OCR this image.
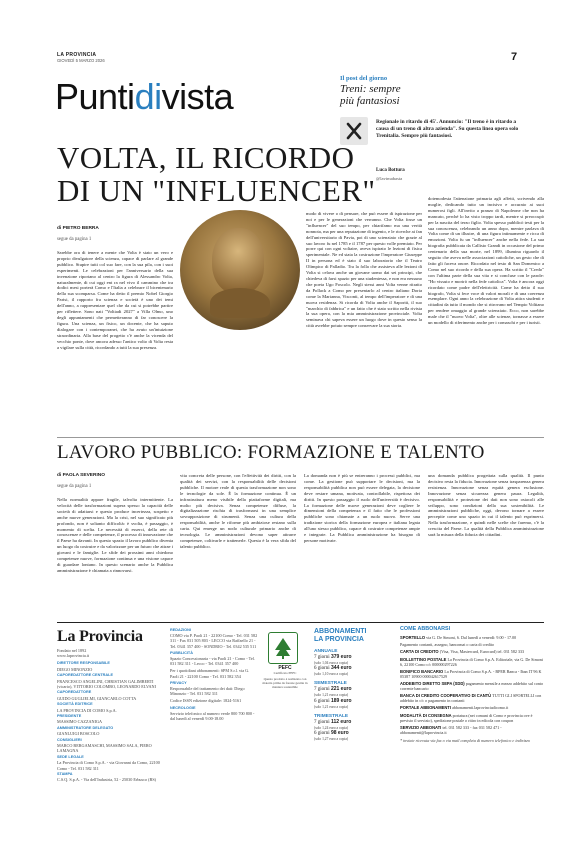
LA PROVINCIA
GIOVEDÌ 5 MARZO 2026	7
Puntidivista	Il post del giorno
Treni: sempre
più fantasiosi
Regionale in ritardo di 45'. Annuncio: "Il treno è in ritardo a causa di un treno di altra azienda". Su questa linea opera solo Trenitalia. Sempre più fantasiosi.
Luca Bottura
@lavimabasta
VOLTA, IL RICORDO
DI UN "INFLUENCER"
di PIETRO BERRA
segue da pagina 1
Sarebbe ora di tenere a mente che Volta è stato un vero e proprio divulgatore della scienza, capace di parlare al grande pubblico. Stupire tutti col suo fare, con la sua pila, con i suoi esperimenti. Le celebrazioni per l'anniversario della sua invenzione riportano al centro la figura di Alessandro Volta, naturalmente, di cui oggi ent ra nel vivo il cammino che tra dodici mesi porterà Como e l'Italia a celebrare il bicentenario della sua scomparsa. Come ha detto il premio Nobel Giorgio Parisi, il rapporto fra scienza e società è uno dei temi dell'anno, a rappresentare quel che da cui si potrebbe partire per riflettere. Sono nati "Voltiadi 2027" a Villa Olmo, uno degli appuntamenti che permetteranno di far conoscere la figura. Una scienza, un fisico, un docente, che ha saputo dialogare con i contemporanei, che ha avuto un'intuizione straordinaria. Alla base del progetto c'è anche la vicenda del vecchio ponte, dove ancora adesso l'antico volto di Volta resta a vigilare sulla città, ricordando a tutti la sua presenza.
modo di vivere o di pensare, che può essere di ispirazione per noi e per le generazioni che verranno. Che Volta fosse un "influencer" del suo tempo, per chiarifamo ma una verità nonnota, ma per una reputazione di ingenio, e le ricerche ai fan dell'universitario di Pavia, poi di uno scienziato che grazie al suo lavoro fu nel 1785 e il 1787 per questo volle premiato. Per porre qui con ogni voltaire, aveva ispirato le lezioni di fisica sperimentale. Ne ed stata la costruzione l'imperatore Giuseppe II in persona ed è stato il suo laboratorio che il Teatro Olimpico di Palladio. Tra la folla che assisteva alle lezioni di Volta si celava anche un giovane uomo dai sei principi, che chiedeva di farsi spazio per una studentessa, e non era nessuno che poeta Ugo Foscolo. Negli stessi anni Volta venne ritratto da Pollack a Como per presentarlo al centro italiano Doria come la Marianna, Visconti, al tempo dell'imperatore e di una nuova residenza. Si ricorda di Volta anche il Saporiti, il suo "marchio di fabbrica" e un fatto che è stato scritto nella rivista la sua opera, con la mia amministrazione provinciale. Volta seminava chi sapeva essere un luogo dove in questo senso la città avrebbe potuto sempre conservare la sua storia.
dotemodesta l'attenzione primaria agli affetti, scrivendo alla moglie, dedicando tutto un incisivo e accurato ai suoi numerosi figli. All'invito a pranzo di Napoleone che non ha mancato, perché lo ha visto troppo tardi, mentre si preoccupò per la nascita del terzo figlio. Volta spesso pubblicò testi per la sua conoscenza, celebrando un anno dopo, mentre parlava di Volta come di un illustre, di una figura intimamente e ricca di emozioni. Volta fu un "influencer" anche nella fede. La sua biografia pubblicata da Callisto Grandi in occasione del primo centenario della sua morte, nel 1899, illumina riguardo il seguito che aveva nelle associazioni cattoliche, un gesto che di fatto gli faceva onore. Ricordato nel testo di San Domenico a Como nel suo ricordo e della sua opera. Ha scritto il "Credo" con l'ultima parte della sua vita e si concluse con le parole: "Ho vissuto e morirò nella fede cattolica". Volta è ancora oggi ricordato come padre dell'elettricità. Come ha detto il suo biografo, Volta si fece voce di valori morali e di una coerenza esemplare. Ogni anno la celebrazione di Volta attira studenti e cittadini da tutto il mondo che si ritrovano nel Tempio Voltiano per rendere omaggio al grande scienziato. Ecco, non sarebbe male che il "nuovo Volta", oltre alle scienze, tornasse a essere un modello di riferimento anche per i comaschi e per i turisti.
LAVORO PUBBLICO: FORMAZIONE E TALENTO
di PAOLA SEVERINO
segue da pagina 1
Nella normalità appare fragile, talvolta intermittente. La velocità delle trasformazioni supera spesso la capacità delle società di adattarsi e questo produce incertezza, sospetto e anche nuove generazioni. Ma la crisi, nel suo significato più profondo, non è soltanto difficoltà: è svolta, è passaggio, è momento di scelta. Le necessità di esserci, della rete di conoscenze e delle competenze, il processo di innovazione che il Paese ha davanti. In questo spazio il lavoro pubblico diventa un luogo da costruire e da valorizzare per un futuro che attrae i giovani e le famiglie. Le sfide dei prossimi anni chiedono competenze nuove, formazione continua e una visione capace di guardare lontano. In questo scenario anche la Pubblica amministrazione è chiamata a rinnovarsi.
vita concreta delle persone, con l'effettività dei diritti, con la qualità dei servizi, con la responsabilità delle decisioni pubbliche. Il motore reale di questa trasformazione non sono le tecnologie da sole. È la formazione continua. È un infrastruttura meno visibile della piattaforme digitali, ma molto più decisiva. Senza competenze diffuse, la digitalizzazione rischia di trasformarsi in una semplice sovrapposizione di strumenti. Senza una cultura della responsabilità, anche le riforme più ambiziose restano sulla carta. Qui emerge un nodo culturale primario anche di tecnologia. Le amministrazioni devono saper attrarre competenze, coltivarle e trattenerle. Questa è la vera sfida del talento pubblico.
La domanda non è più se entreranno i processi pubblici, ma come. La gestione può supportare le decisioni, ma la responsabilità pubblica non può essere delegata, la decisione deve restare umana, motivata, controllabile, rispettosa dei diritti. In questo passaggio il ruolo dell'università è decisivo. La formazione delle nuove generazioni deve cogliere le dimensioni della competenza e il fatto che le professioni pubbliche sono chiamate a un ruolo nuovo. Serve una tradizione storica della formazione europea e italiana legata all'uno stesso pubblico, capace di costruire competenze ampie e integrate. La Pubblica amministrazione ha bisogno di persone motivate.
una domanda pubblica progettata sulla qualità. Il punto decisivo resta la fiducia. Innovazione senza trasparenza genera resistenza. Innovazione senza equità genera esclusione. Innovazione senza sicurezza genera paura. Legalità, responsabilità e protezione dei dati non sono ostacoli alle sviluppo, sono condizioni della sua sostenibilità. Le amministrazioni pubbliche, oggi, devono tornare a essere percepite come uno spazio in cui il talento può esprimersi. Nella trasformazione, e quindi nelle scelte che faremo, c'è la crescita del Paese. La qualità della Pubblica amministrazione sarà la misura della fiducia dei cittadini.
La Provincia
Fondato nel 1892
www.laprovincia.it
DIRETTORE RESPONSABILE
DIEGO MINONZIO
CAPOREDATTORE CENTRALE
FRANCESCO ANGELINI, CHRISTIAN GALIMBERTI (vicario), VITTORIO COLOMBO, LEONARDO ELVANI
CAPOREDATTORE
GUIDO GUGLIELMI, GIANCARLO COTTA
SOCIETÀ EDITRICE
LA PROVINCIA DI COMO S.p.A.
PRESIDENTE
MASSIMO CAZZANIGA
AMMINISTRATORE DELEGATO
GIANLUIGI BOSCOLO
CONSIGLIERI
MARCO BERGAMASCHI, MASSIMO SALA, PIERO LAMAGNA
SEDE LEGALE
La Provincia di Como S.p.A. - via Giovanni da Como, 22100 Como - Tel. 031 582 311
STAMPA
C.S.Q. S.p.A. - Via dell'Industria, 52 - 25030 Erbusco (BS)
REDAZIONI
COMO via P. Paoli 21 - 22100 Como - Tel. 031 582 311 - Fax 031 505 803 - LECCO via Raffaello 21 - Tel. 0341 357 400 - SONDRIO - Tel. 0342 535 511
PUBBLICITÀ
Spazio Concessionaria - via Paoli 21 - Como - Tel. 031 582 311 - Lecco - Tel. 0341 357 400
Per i quotidiani abbonamenti: SPM S.r.l. via G. Paoli 21 - 22100 Como - Tel. 031 582 354
PRIVACY
Responsabile del trattamento dei dati: Diego Minonzio - Tel. 031 582 311
Codice ISSN edizione digitale: 1824-5161
NECROLOGIE
Servizio telefonico al numero verde 800 700 800 - dal lunedì al venerdì 9.00-18.00
PEFC
Certificato PEFC
Questo prodotto è realizzato con materia prima da foreste gestite in maniera sostenibile
ABBONAMENTI
LA PROVINCIA
ANNUALE
7 giorni 379 euro
(solo 1,04 euro a copia)
6 giorni 344 euro
(solo 1,10 euro a copia)
SEMESTRALE
7 giorni 221 euro
(solo 1,21 euro a copia)
6 giorni 189 euro
(solo 1,21 euro a copia)
TRIMESTRALE
7 giorni 112 euro
(solo 1,24 euro a copia)
6 giorni 98 euro
(solo 1,27 euro a copia)
COME ABBONARSI
SPORTELLO via G. De Simoni, 6. Dal lunedì a venerdì: 9.00 - 17.00
Pagamento contanti, assegno, bancomat o carta di credito
CARTA DI CREDITO (Visa, Visa, Mastercard, Eurocard) tel. 031 582 333
BOLLETTINO POSTALE La Provincia di Como S.p.A. Editoriale, via G. De Simoni 6, 22100 Como c/c 000000297226
BONIFICO BANCARIO La Provincia di Como S.p.A. - BPER Banca - Iban IT 96 K 05387 10900 000042617529
ADDEBITO DIRETTO SEPA (SDD) pagamento mensile a mezzo addebito sul conto corrente bancario
BANCA DI CREDITO COOPERATIVO DI CANTÙ TUTTI GLI SPORTELLI con addebito in c/c o pagamento in contanti
PORTALE ABBONAMENTI abbonamenti.laprovinciadicomo.it
MODALITÀ DI CONSEGNA portatura (nei comuni di Como e provincia ove è previsto il servizio), spedizione postale o ritiro in edicola con coupon
SERVIZIO ABBONATI tel. 031 582 333 - fax 031 582 471 - abbonamenti@laprovincia.it
* inviate ricevuta via fax o via mail completa di numero telefonico e indirizzo
